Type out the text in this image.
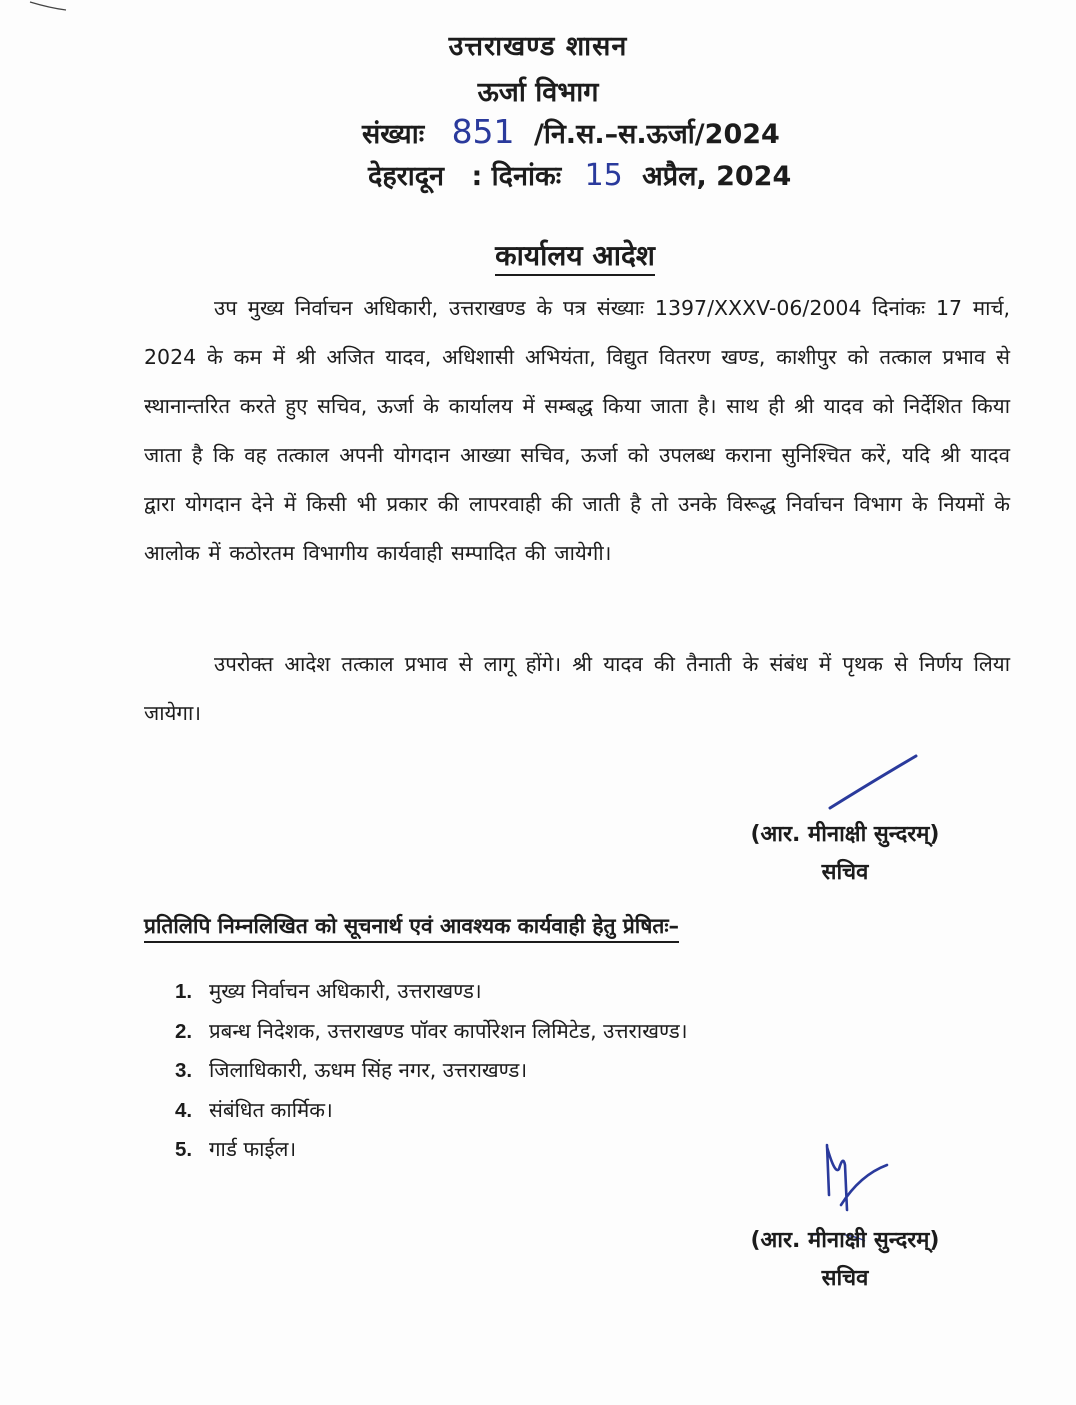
उत्तराखण्ड शासन
ऊर्जा विभाग
संख्याः 851 /नि.स.–स.ऊर्जा/2024
देहरादून : दिनांकः 15 अप्रैल, 2024
कार्यालय आदेश
उप मुख्य निर्वाचन अधिकारी, उत्तराखण्ड के पत्र संख्याः 1397/XXXV-06/2004 दिनांकः 17 मार्च, 2024 के कम में श्री अजित यादव, अधिशासी अभियंता, विद्युत वितरण खण्ड, काशीपुर को तत्काल प्रभाव से स्थानान्तरित करते हुए सचिव, ऊर्जा के कार्यालय में सम्बद्ध किया जाता है। साथ ही श्री यादव को निर्देशित किया जाता है कि वह तत्काल अपनी योगदान आख्या सचिव, ऊर्जा को उपलब्ध कराना सुनिश्चित करें, यदि श्री यादव द्वारा योगदान देने में किसी भी प्रकार की लापरवाही की जाती है तो उनके विरूद्ध निर्वाचन विभाग के नियमों के आलोक में कठोरतम विभागीय कार्यवाही सम्पादित की जायेगी।
उपरोक्त आदेश तत्काल प्रभाव से लागू होंगे। श्री यादव की तैनाती के संबंध में पृथक से निर्णय लिया जायेगा।
(आर. मीनाक्षी सुन्दरम्)
सचिव
प्रतिलिपि निम्नलिखित को सूचनार्थ एवं आवश्यक कार्यवाही हेतु प्रेषितः–
1. मुख्य निर्वाचन अधिकारी, उत्तराखण्ड।
2. प्रबन्ध निदेशक, उत्तराखण्ड पॉवर कार्पोरेशन लिमिटेड, उत्तराखण्ड।
3. जिलाधिकारी, ऊधम सिंह नगर, उत्तराखण्ड।
4. संबंधित कार्मिक।
5. गार्ड फाईल।
(आर. मीनाक्षी सुन्दरम्)
सचिव
